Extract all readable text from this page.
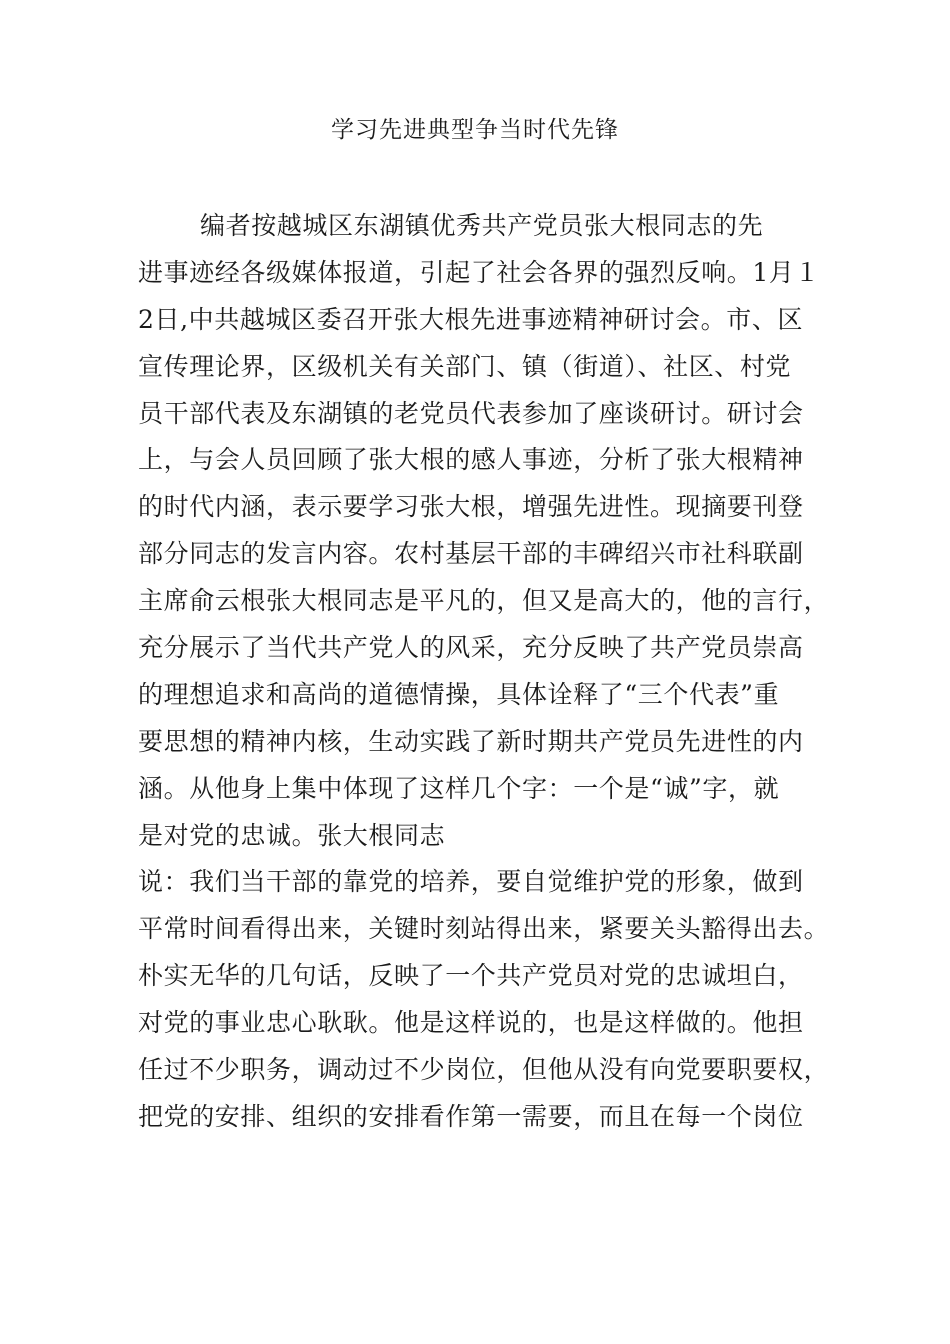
学习先进典型争当时代先锋
编者按越城区东湖镇优秀共产党员张大根同志的先
进事迹经各级媒体报道，引起了社会各界的强烈反响。1月１
2日,中共越城区委召开张大根先进事迹精神研讨会。市、区
宣传理论界，区级机关有关部门、镇（街道）、社区、村党
员干部代表及东湖镇的老党员代表参加了座谈研讨。研讨会
上，与会人员回顾了张大根的感人事迹，分析了张大根精神
的时代内涵，表示要学习张大根，增强先进性。现摘要刊登
部分同志的发言内容。农村基层干部的丰碑绍兴市社科联副
主席俞云根张大根同志是平凡的，但又是高大的，他的言行，
充分展示了当代共产党人的风采，充分反映了共产党员崇高
的理想追求和高尚的道德情操，具体诠释了“三个代表”重
要思想的精神内核，生动实践了新时期共产党员先进性的内
涵。从他身上集中体现了这样几个字：一个是“诚”字，就
是对党的忠诚。张大根同志
说：我们当干部的靠党的培养，要自觉维护党的形象，做到
平常时间看得出来，关键时刻站得出来，紧要关头豁得出去。
朴实无华的几句话，反映了一个共产党员对党的忠诚坦白，
对党的事业忠心耿耿。他是这样说的，也是这样做的。他担
任过不少职务，调动过不少岗位，但他从没有向党要职要权，
把党的安排、组织的安排看作第一需要，而且在每一个岗位
